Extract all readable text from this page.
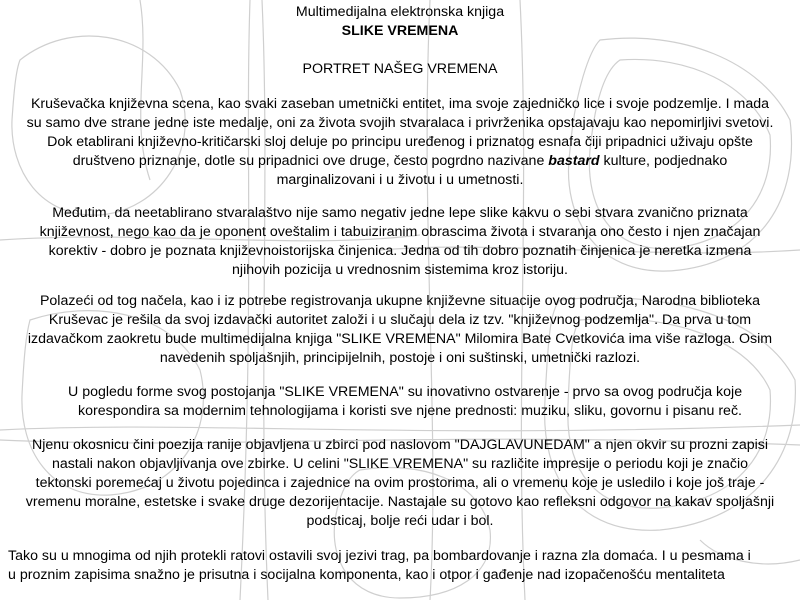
Multimedijalna elektronska knjiga

SLIKE VREMENA

PORTRET NAŠEG VREMENA

Kruševačka književna scena, kao svaki zaseban umetnički entitet, ima svoje zajedničko lice i svoje podzemlje. I mada

su samo dve strane jedne iste medalje, oni za života svojih stvaralaca i privrženika opstajavaju kao nepomirljivi svetovi.

Dok etablirani književno-kritičarski sloj deluje po principu uređenog i priznatog esnafa čiji pripadnici uživaju opšte

društveno priznanje, dotle su pripadnici ove druge, često pogrdno nazivane bastard kulture, podjednako

marginalizovani i u životu i u umetnosti.

Međutim, da neetablirano stvaralaštvo nije samo negativ jedne lepe slike kakvu o sebi stvara zvanično priznata

književnost, nego kao da je oponent oveštalim i tabuiziranim obrascima života i stvaranja ono često i njen značajan

korektiv - dobro je poznata književnoistorijska činjenica. Jedna od tih dobro poznatih činjenica je neretka izmena

njihovih pozicija u vrednosnim sistemima kroz istoriju.

Polazeći od tog načela, kao i iz potrebe registrovanja ukupne književne situacije ovog područja, Narodna biblioteka

Kruševac je rešila da svoj izdavački autoritet založi i u slučaju dela iz tzv. "književnog podzemlja". Da prva u tom

izdavačkom zaokretu bude multimedijalna knjiga "SLIKE VREMENA" Milomira Bate Cvetkovića ima više razloga. Osim

navedenih spoljašnjih, principijelnih, postoje i oni suštinski, umetnički razlozi.

U pogledu forme svog postojanja "SLIKE VREMENA" su inovativno ostvarenje - prvo sa ovog područja koje

korespondira sa modernim tehnologijama i koristi sve njene prednosti: muziku, sliku, govornu i pisanu reč.

Njenu okosnicu čini poezija ranije objavljena u zbirci pod naslovom "DAJGLAVUNEDAM" a njen okvir su prozni zapisi

nastali nakon objavljivanja ove zbirke. U celini "SLIKE VREMENA" su različite impresije o periodu koji je značio

tektonski poremećaj u životu pojedinca i zajednice na ovim prostorima, ali o vremenu koje je usledilo i koje još traje -

vremenu moralne, estetske i svake druge dezorijentacije. Nastajale su gotovo kao refleksni odgovor na kakav spoljašnji

podsticaj, bolje reći udar i bol.

Tako su u mnogima od njih protekli ratovi ostavili svoj jezivi trag, pa bombardovanje i razna zla domaća. I u pesmama i

u proznim zapisima snažno je prisutna i socijalna komponenta, kao i otpor i gađenje nad izopačenošću mentaliteta
